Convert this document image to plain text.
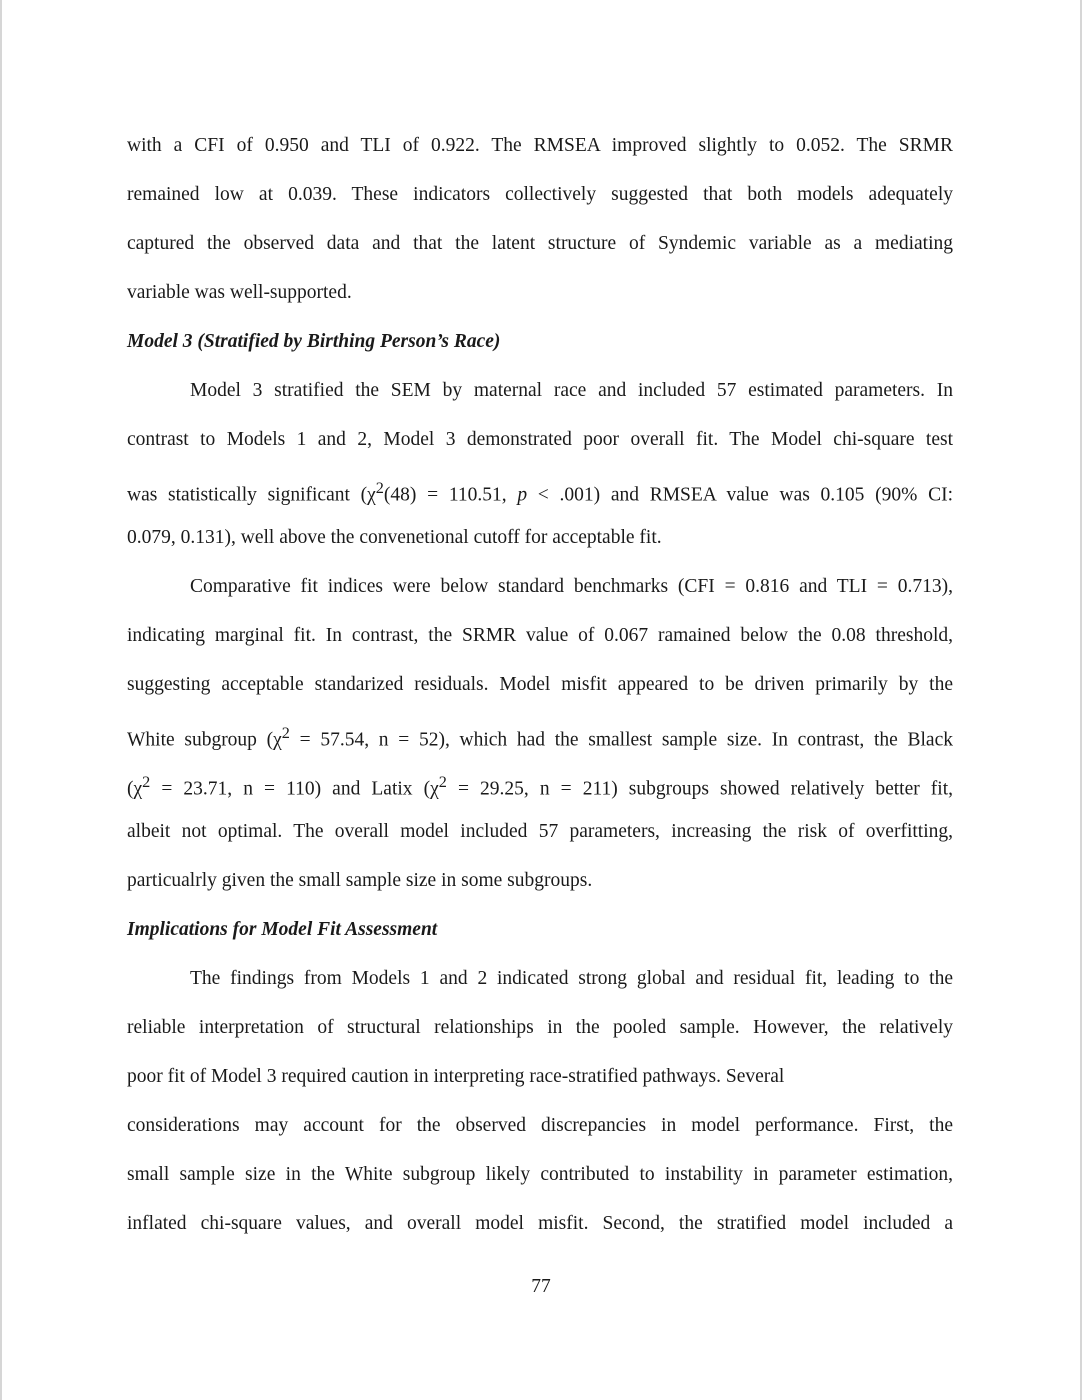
with a CFI of 0.950 and TLI of 0.922. The RMSEA improved slightly to 0.052. The SRMR
remained low at 0.039. These indicators collectively suggested that both models adequately
captured the observed data and that the latent structure of Syndemic variable as a mediating
variable was well-supported.
Model 3 (Stratified by Birthing Person’s Race)
Model 3 stratified the SEM by maternal race and included 57 estimated parameters. In
contrast to Models 1 and 2, Model 3 demonstrated poor overall fit. The Model chi-square test
was statistically significant ($\chi^2(48) = 110.51$, p < .001) and RMSEA value was 0.105 (90% CI:
0.079, 0.131), well above the convenetional cutoff for acceptable fit.
Comparative fit indices were below standard benchmarks (CFI = 0.816 and TLI = 0.713),
indicating marginal fit. In contrast, the SRMR value of 0.067 ramained below the 0.08 threshold,
suggesting acceptable standarized residuals. Model misfit appeared to be driven primarily by the
White subgroup ($\chi^2 = 57.54$, n = 52), which had the smallest sample size. In contrast, the Black
($\chi^2 = 23.71$, n = 110) and Latix ($\chi^2 = 29.25$, n = 211) subgroups showed relatively better fit,
albeit not optimal. The overall model included 57 parameters, increasing the risk of overfitting,
particualrly given the small sample size in some subgroups.
Implications for Model Fit Assessment
The findings from Models 1 and 2 indicated strong global and residual fit, leading to the
reliable interpretation of structural relationships in the pooled sample. However, the relatively
poor fit of Model 3 required caution in interpreting race-stratified pathways. Several
considerations may account for the observed discrepancies in model performance. First, the
small sample size in the White subgroup likely contributed to instability in parameter estimation,
inflated chi-square values, and overall model misfit. Second, the stratified model included a
77
